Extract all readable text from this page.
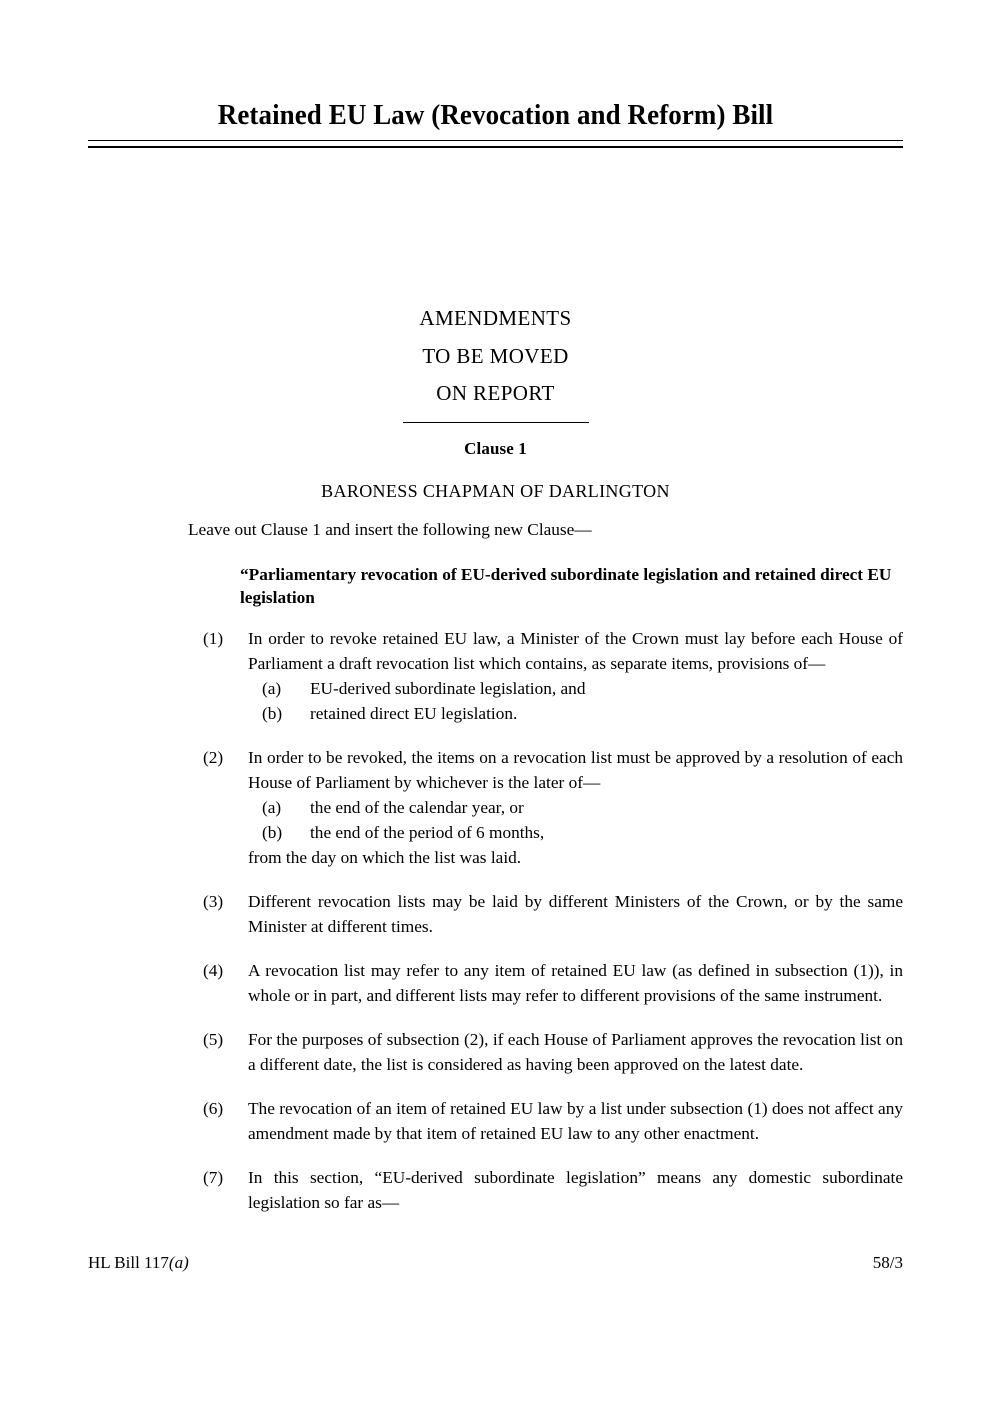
Retained EU Law (Revocation and Reform) Bill
AMENDMENTS
TO BE MOVED
ON REPORT
Clause 1
BARONESS CHAPMAN OF DARLINGTON

Leave out Clause 1 and insert the following new Clause—

“Parliamentary revocation of EU-derived subordinate legislation and retained direct EU legislation

(1)	In order to revoke retained EU law, a Minister of the Crown must lay before each House of Parliament a draft revocation list which contains, as separate items, provisions of—
(a)	EU-derived subordinate legislation, and
(b)	retained direct EU legislation.
(2)	In order to be revoked, the items on a revocation list must be approved by a resolution of each House of Parliament by whichever is the later of—
(a)	the end of the calendar year, or
(b)	the end of the period of 6 months,
from the day on which the list was laid.
(3)	Different revocation lists may be laid by different Ministers of the Crown, or by the same Minister at different times.
(4)	A revocation list may refer to any item of retained EU law (as defined in subsection (1)), in whole or in part, and different lists may refer to different provisions of the same instrument.
(5)	For the purposes of subsection (2), if each House of Parliament approves the revocation list on a different date, the list is considered as having been approved on the latest date.
(6)	The revocation of an item of retained EU law by a list under subsection (1) does not affect any amendment made by that item of retained EU law to any other enactment.
(7)	In this section, “EU-derived subordinate legislation” means any domestic subordinate legislation so far as—
HL Bill 117(a)	58/3
